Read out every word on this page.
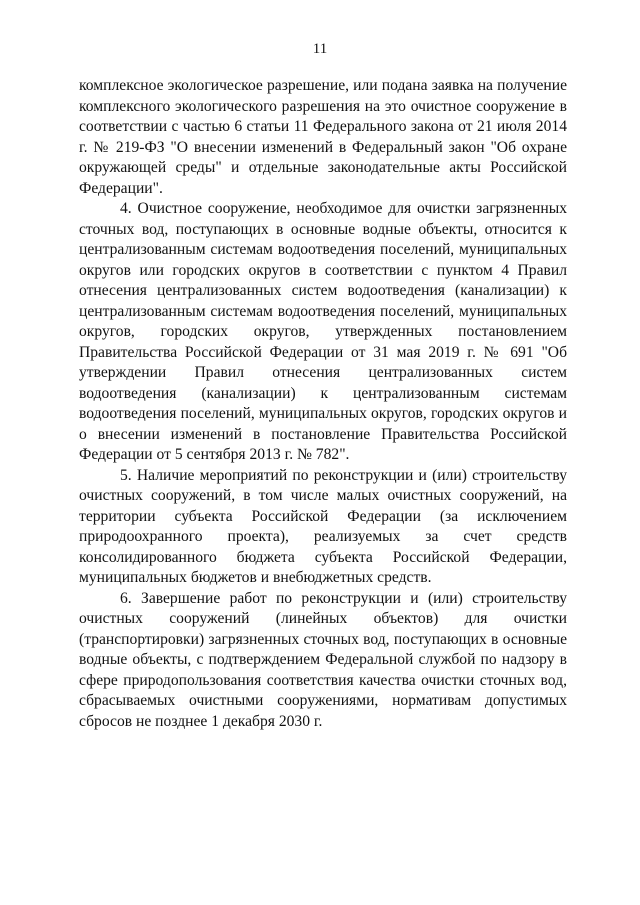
11

комплексное экологическое разрешение, или подана заявка на получение комплексного экологического разрешения на это очистное сооружение в соответствии с частью 6 статьи 11 Федерального закона от 21 июля 2014 г. № 219-ФЗ "О внесении изменений в Федеральный закон "Об охране окружающей среды" и отдельные законодательные акты Российской Федерации".

4. Очистное сооружение, необходимое для очистки загрязненных сточных вод, поступающих в основные водные объекты, относится к централизованным системам водоотведения поселений, муниципальных округов или городских округов в соответствии с пунктом 4 Правил отнесения централизованных систем водоотведения (канализации) к централизованным системам водоотведения поселений, муниципальных округов, городских округов, утвержденных постановлением Правительства Российской Федерации от 31 мая 2019 г. № 691 "Об утверждении Правил отнесения централизованных систем водоотведения (канализации) к централизованным системам водоотведения поселений, муниципальных округов, городских округов и о внесении изменений в постановление Правительства Российской Федерации от 5 сентября 2013 г. № 782".

5. Наличие мероприятий по реконструкции и (или) строительству очистных сооружений, в том числе малых очистных сооружений, на территории субъекта Российской Федерации (за исключением природоохранного проекта), реализуемых за счет средств консолидированного бюджета субъекта Российской Федерации, муниципальных бюджетов и внебюджетных средств.

6. Завершение работ по реконструкции и (или) строительству очистных сооружений (линейных объектов) для очистки (транспортировки) загрязненных сточных вод, поступающих в основные водные объекты, с подтверждением Федеральной службой по надзору в сфере природопользования соответствия качества очистки сточных вод, сбрасываемых очистными сооружениями, нормативам допустимых сбросов не позднее 1 декабря 2030 г.
